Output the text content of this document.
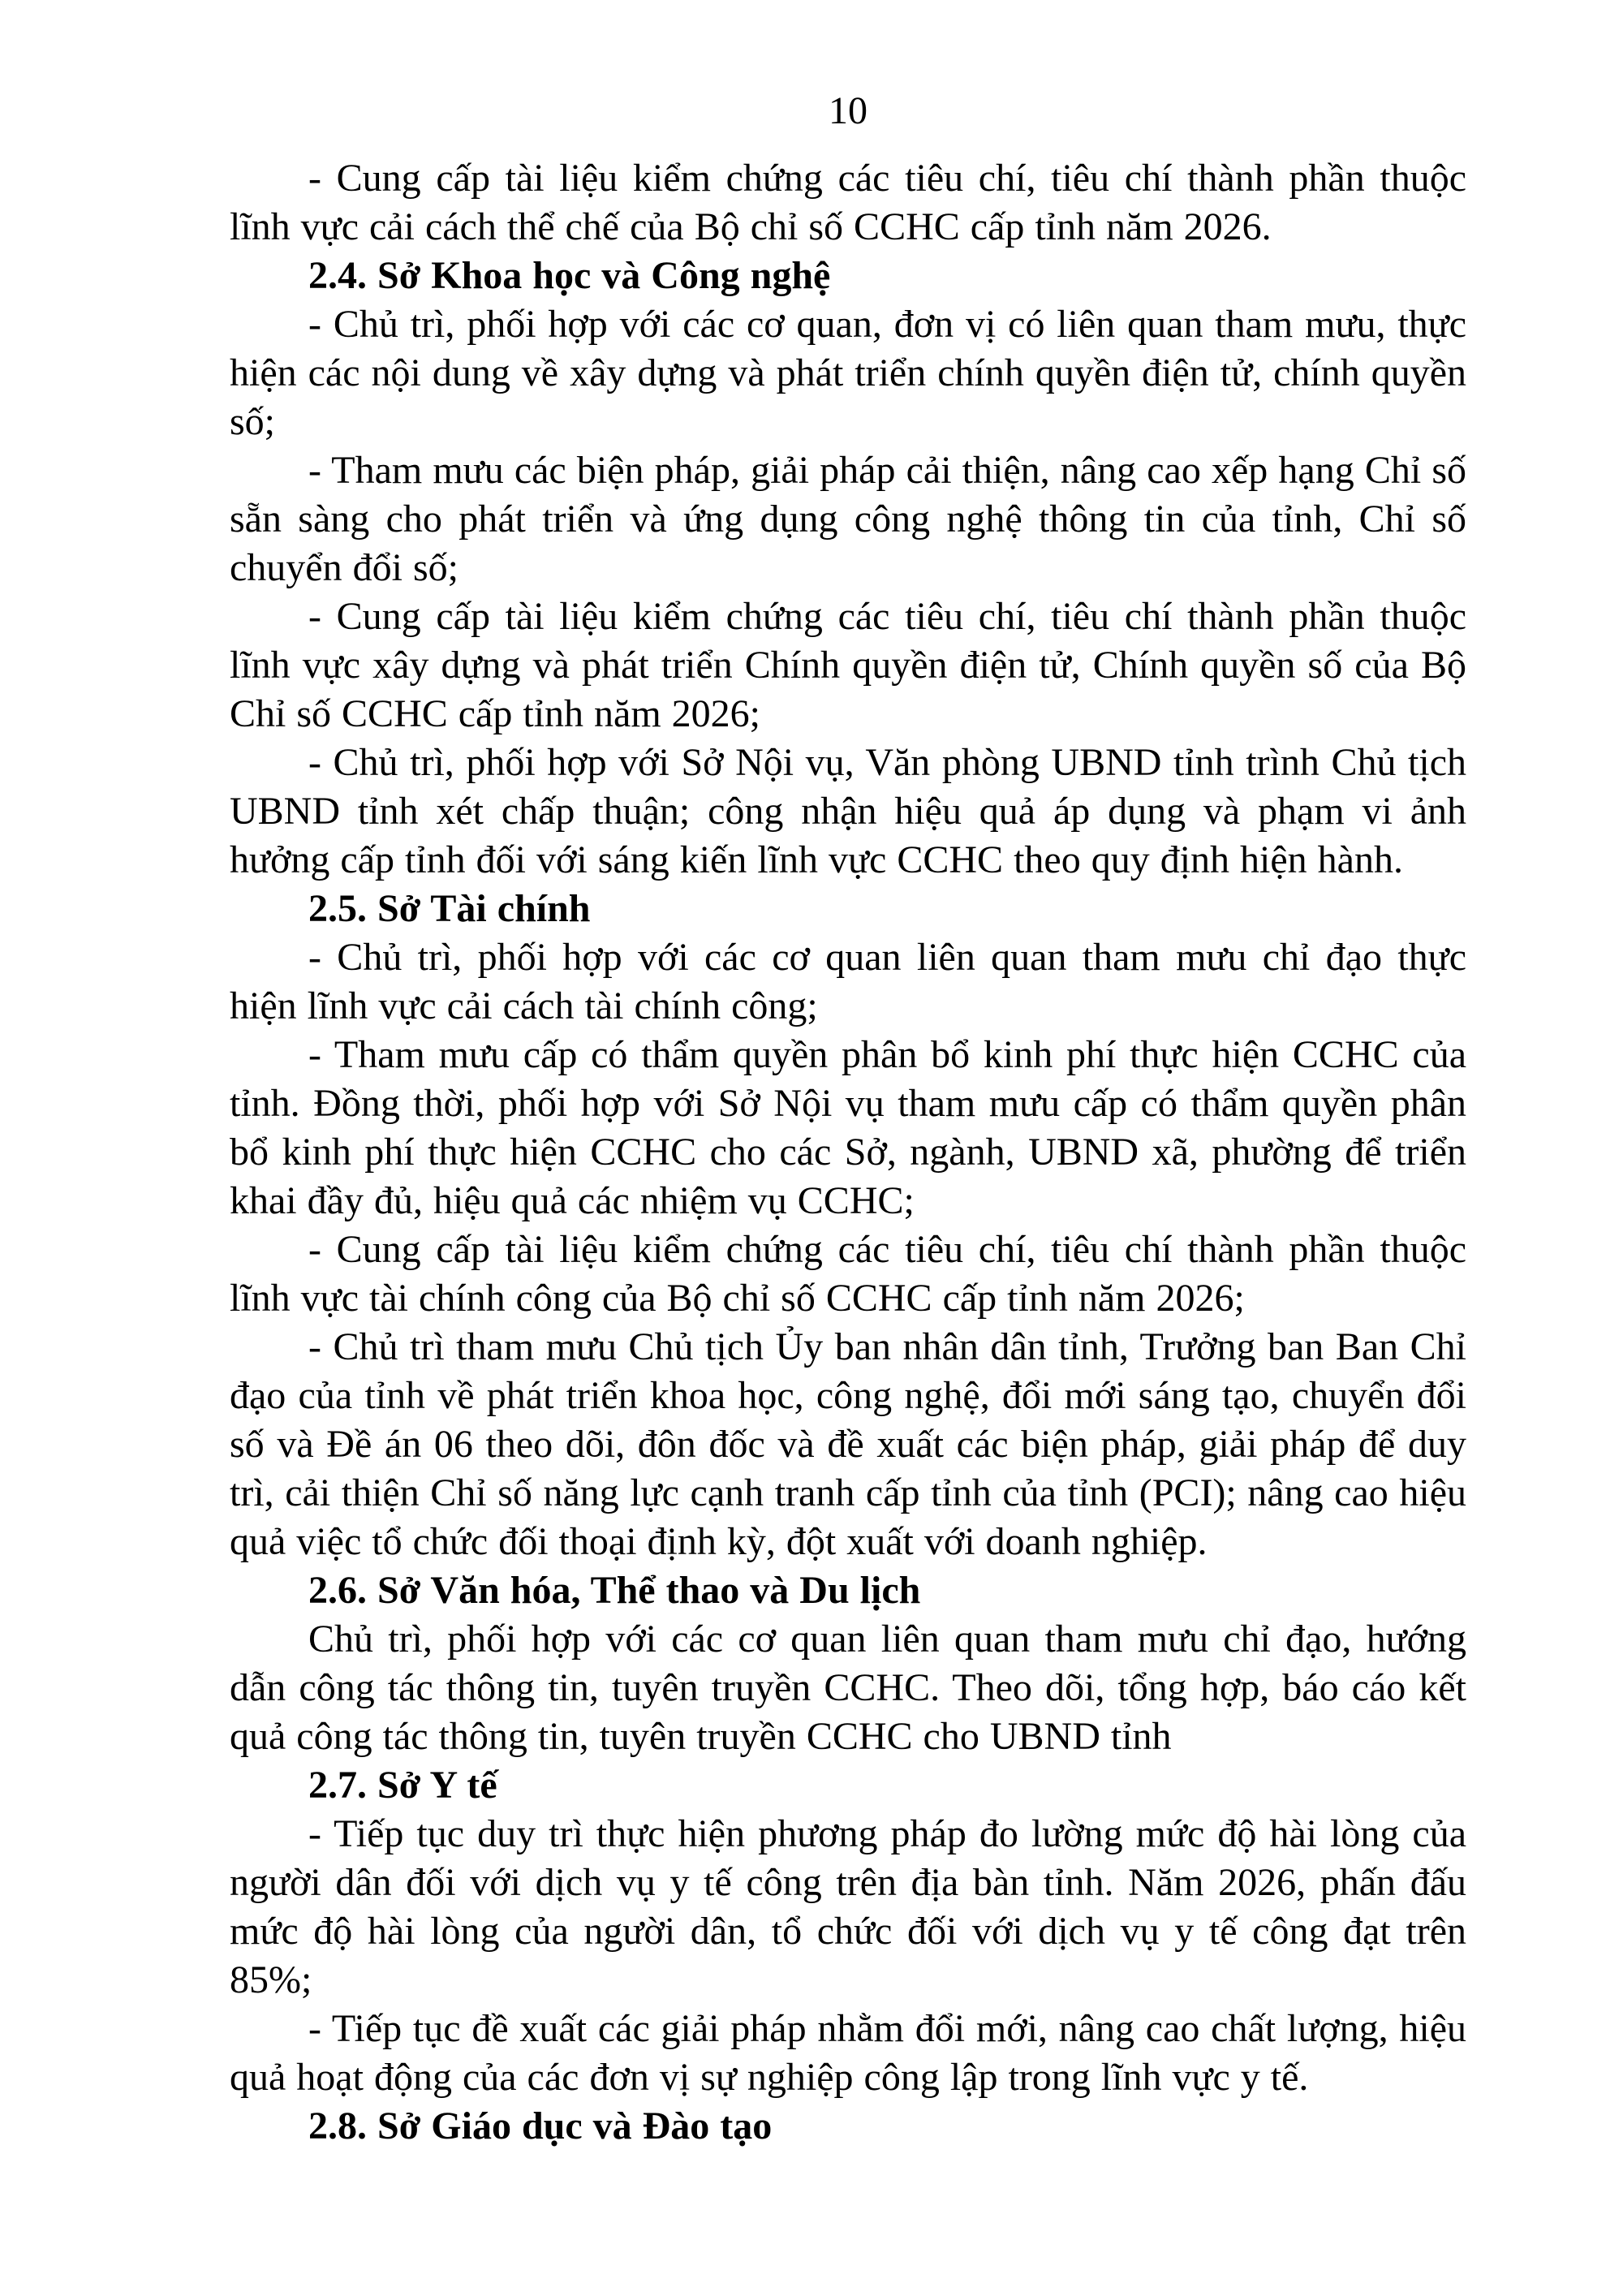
10

- Cung cấp tài liệu kiểm chứng các tiêu chí, tiêu chí thành phần thuộc lĩnh vực cải cách thể chế của Bộ chỉ số CCHC cấp tỉnh năm 2026.

2.4. Sở Khoa học và Công nghệ

- Chủ trì, phối hợp với các cơ quan, đơn vị có liên quan tham mưu, thực hiện các nội dung về xây dựng và phát triển chính quyền điện tử, chính quyền số;

- Tham mưu các biện pháp, giải pháp cải thiện, nâng cao xếp hạng Chỉ số sẵn sàng cho phát triển và ứng dụng công nghệ thông tin của tỉnh, Chỉ số chuyển đổi số;

- Cung cấp tài liệu kiểm chứng các tiêu chí, tiêu chí thành phần thuộc lĩnh vực xây dựng và phát triển Chính quyền điện tử, Chính quyền số của Bộ Chỉ số CCHC cấp tỉnh năm 2026;

- Chủ trì, phối hợp với Sở Nội vụ, Văn phòng UBND tỉnh trình Chủ tịch UBND tỉnh xét chấp thuận; công nhận hiệu quả áp dụng và phạm vi ảnh hưởng cấp tỉnh đối với sáng kiến lĩnh vực CCHC theo quy định hiện hành.

2.5. Sở Tài chính

- Chủ trì, phối hợp với các cơ quan liên quan tham mưu chỉ đạo thực hiện lĩnh vực cải cách tài chính công;

- Tham mưu cấp có thẩm quyền phân bổ kinh phí thực hiện CCHC của tỉnh. Đồng thời, phối hợp với Sở Nội vụ tham mưu cấp có thẩm quyền phân bổ kinh phí thực hiện CCHC cho các Sở, ngành, UBND xã, phường để triển khai đầy đủ, hiệu quả các nhiệm vụ CCHC;

- Cung cấp tài liệu kiểm chứng các tiêu chí, tiêu chí thành phần thuộc lĩnh vực tài chính công của Bộ chỉ số CCHC cấp tỉnh năm 2026;

- Chủ trì tham mưu Chủ tịch Ủy ban nhân dân tỉnh, Trưởng ban Ban Chỉ đạo của tỉnh về phát triển khoa học, công nghệ, đổi mới sáng tạo, chuyển đổi số và Đề án 06 theo dõi, đôn đốc và đề xuất các biện pháp, giải pháp để duy trì, cải thiện Chỉ số năng lực cạnh tranh cấp tỉnh của tỉnh (PCI); nâng cao hiệu quả việc tổ chức đối thoại định kỳ, đột xuất với doanh nghiệp.

2.6. Sở Văn hóa, Thể thao và Du lịch

Chủ trì, phối hợp với các cơ quan liên quan tham mưu chỉ đạo, hướng dẫn công tác thông tin, tuyên truyền CCHC. Theo dõi, tổng hợp, báo cáo kết quả công tác thông tin, tuyên truyền CCHC cho UBND tỉnh

2.7. Sở Y tế

- Tiếp tục duy trì thực hiện phương pháp đo lường mức độ hài lòng của người dân đối với dịch vụ y tế công trên địa bàn tỉnh. Năm 2026, phấn đấu mức độ hài lòng của người dân, tổ chức đối với dịch vụ y tế công đạt trên 85%;

- Tiếp tục đề xuất các giải pháp nhằm đổi mới, nâng cao chất lượng, hiệu quả hoạt động của các đơn vị sự nghiệp công lập trong lĩnh vực y tế.

2.8. Sở Giáo dục và Đào tạo
